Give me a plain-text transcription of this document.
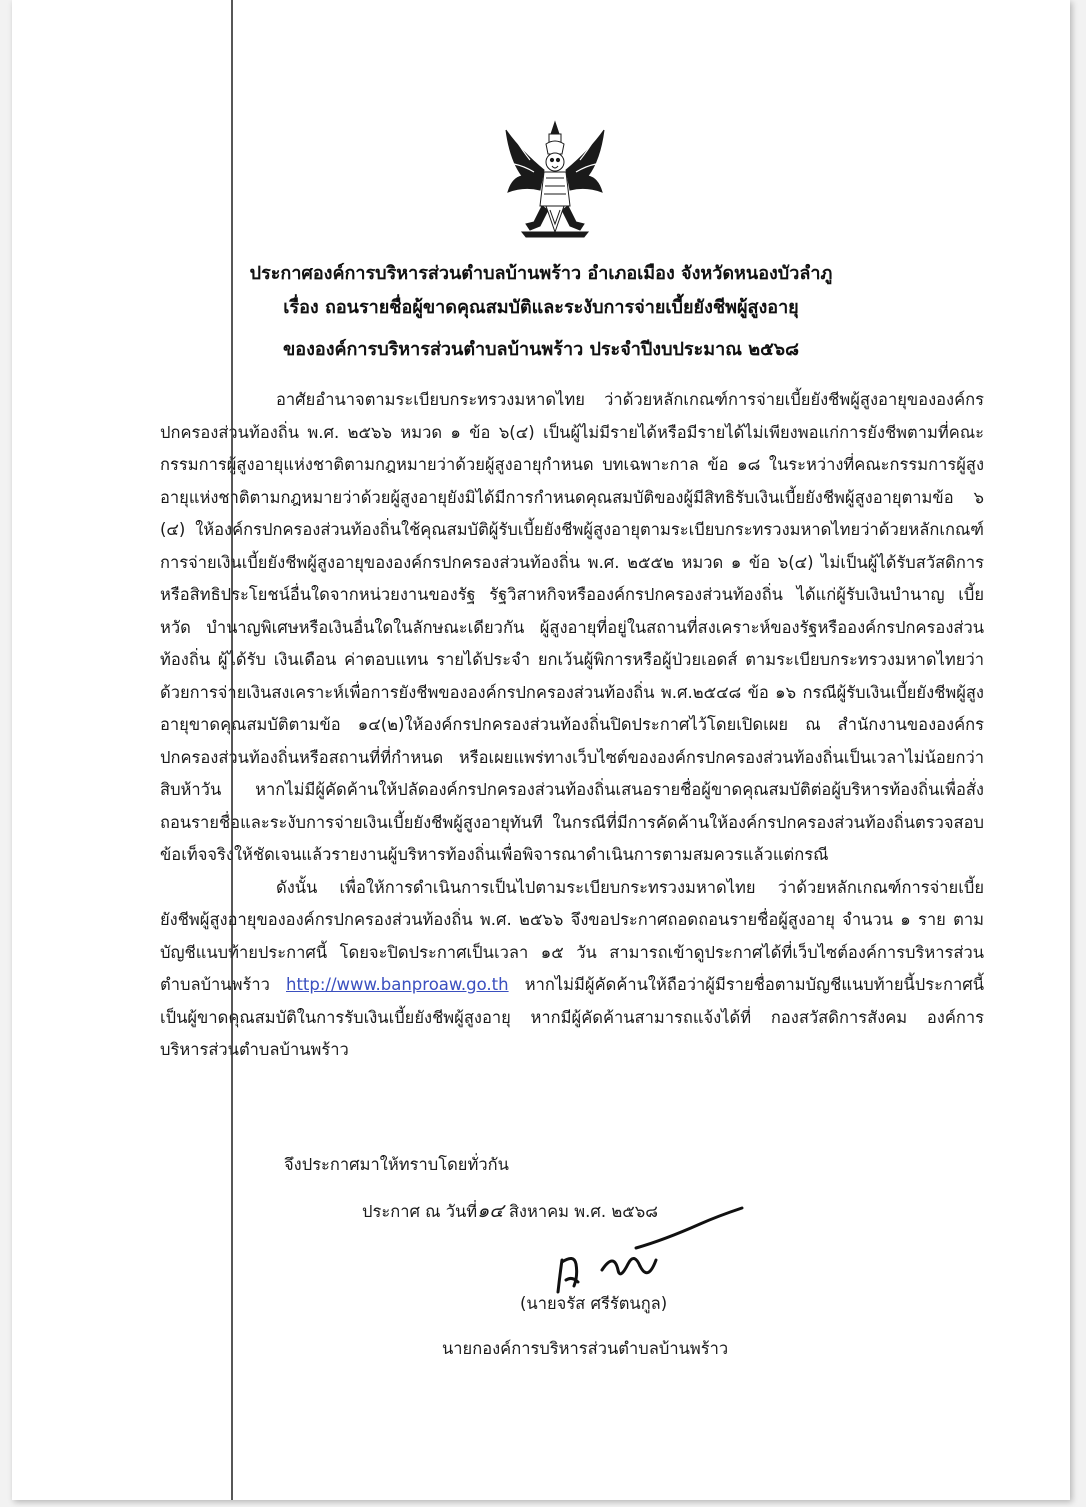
ประกาศองค์การบริหารส่วนตำบลบ้านพร้าว อำเภอเมือง จังหวัดหนองบัวลำภู
เรื่อง ถอนรายชื่อผู้ขาดคุณสมบัติและระงับการจ่ายเบี้ยยังชีพผู้สูงอายุ
ขององค์การบริหารส่วนตำบลบ้านพร้าว ประจำปีงบประมาณ ๒๕๖๘

อาศัยอำนาจตามระเบียบกระทรวงมหาดไทย ว่าด้วยหลักเกณฑ์การจ่ายเบี้ยยังชีพผู้สูงอายุขององค์กรปกครองส่วนท้องถิ่น พ.ศ. ๒๕๖๖ หมวด ๑ ข้อ ๖(๔) เป็นผู้ไม่มีรายได้หรือมีรายได้ไม่เพียงพอแก่การยังชีพตามที่คณะกรรมการผู้สูงอายุแห่งชาติตามกฎหมายว่าด้วยผู้สูงอายุกำหนด บทเฉพาะกาล ข้อ ๑๘ ในระหว่างที่คณะกรรมการผู้สูงอายุแห่งชาติตามกฎหมายว่าด้วยผู้สูงอายุยังมิได้มีการกำหนดคุณสมบัติของผู้มีสิทธิรับเงินเบี้ยยังชีพผู้สูงอายุตามข้อ ๖ (๔) ให้องค์กรปกครองส่วนท้องถิ่นใช้คุณสมบัติผู้รับเบี้ยยังชีพผู้สูงอายุตามระเบียบกระทรวงมหาดไทยว่าด้วยหลักเกณฑ์การจ่ายเงินเบี้ยยังชีพผู้สูงอายุขององค์กรปกครองส่วนท้องถิ่น พ.ศ. ๒๕๕๒ หมวด ๑ ข้อ ๖(๔) ไม่เป็นผู้ได้รับสวัสดิการหรือสิทธิประโยชน์อื่นใดจากหน่วยงานของรัฐ รัฐวิสาหกิจหรือองค์กรปกครองส่วนท้องถิ่น ได้แก่ผู้รับเงินบำนาญ เบี้ยหวัด บำนาญพิเศษหรือเงินอื่นใดในลักษณะเดียวกัน ผู้สูงอายุที่อยู่ในสถานที่สงเคราะห์ของรัฐหรือองค์กรปกครองส่วนท้องถิ่น ผู้ได้รับ เงินเดือน ค่าตอบแทน รายได้ประจำ ยกเว้นผู้พิการหรือผู้ป่วยเอดส์ ตามระเบียบกระทรวงมหาดไทยว่าด้วยการจ่ายเงินสงเคราะห์เพื่อการยังชีพขององค์กรปกครองส่วนท้องถิ่น พ.ศ.๒๕๔๘ ข้อ ๑๖ กรณีผู้รับเงินเบี้ยยังชีพผู้สูงอายุขาดคุณสมบัติตามข้อ ๑๔(๒)ให้องค์กรปกครองส่วนท้องถิ่นปิดประกาศไว้โดยเปิดเผย ณ สำนักงานขององค์กรปกครองส่วนท้องถิ่นหรือสถานที่ที่กำหนด หรือเผยแพร่ทางเว็บไซต์ขององค์กรปกครองส่วนท้องถิ่นเป็นเวลาไม่น้อยกว่าสิบห้าวัน หากไม่มีผู้คัดค้านให้ปลัดองค์กรปกครองส่วนท้องถิ่นเสนอรายชื่อผู้ขาดคุณสมบัติต่อผู้บริหารท้องถิ่นเพื่อสั่งถอนรายชื่อและระงับการจ่ายเงินเบี้ยยังชีพผู้สูงอายุทันที ในกรณีที่มีการคัดค้านให้องค์กรปกครองส่วนท้องถิ่นตรวจสอบข้อเท็จจริงให้ชัดเจนแล้วรายงานผู้บริหารท้องถิ่นเพื่อพิจารณาดำเนินการตามสมควรแล้วแต่กรณี

ดังนั้น เพื่อให้การดำเนินการเป็นไปตามระเบียบกระทรวงมหาดไทย ว่าด้วยหลักเกณฑ์การจ่ายเบี้ยยังชีพผู้สูงอายุขององค์กรปกครองส่วนท้องถิ่น พ.ศ. ๒๕๖๖ จึงขอประกาศถอดถอนรายชื่อผู้สูงอายุ จำนวน ๑ ราย ตามบัญชีแนบท้ายประกาศนี้ โดยจะปิดประกาศเป็นเวลา ๑๕ วัน สามารถเข้าดูประกาศได้ที่เว็บไซต์องค์การบริหารส่วนตำบลบ้านพร้าว http://www.banproaw.go.th หากไม่มีผู้คัดค้านให้ถือว่าผู้มีรายชื่อตามบัญชีแนบท้ายนี้ประกาศนี้ เป็นผู้ขาดคุณสมบัติในการรับเงินเบี้ยยังชีพผู้สูงอายุ หากมีผู้คัดค้านสามารถแจ้งได้ที่ กองสวัสดิการสังคม องค์การบริหารส่วนตำบลบ้านพร้าว

จึงประกาศมาให้ทราบโดยทั่วกัน
ประกาศ ณ วันที่๑๔ สิงหาคม พ.ศ. ๒๕๖๘
(นายจรัส ศรีรัตนกูล)
นายกองค์การบริหารส่วนตำบลบ้านพร้าว
